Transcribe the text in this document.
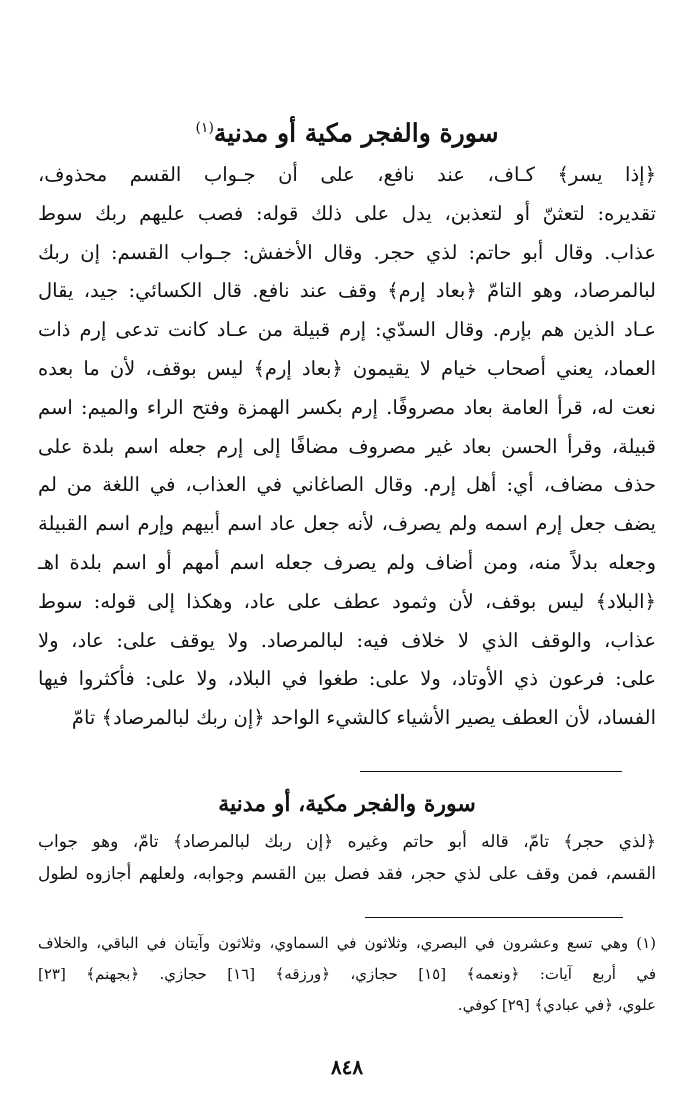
سورة والفجر مكية أو مدنية$^{(١)}$
﴿إذا يسر﴾ كـاف، عند نافع، على أن جـواب القسم محذوف،
تقديره: لتعثنّ أو لتعذبن، يدل على ذلك قوله: فصب عليهم ربك سوط
عذاب. وقال أبو حاتم: لذي حجر. وقال الأخفش: جـواب القسم: إن ربك
لبالمرصاد، وهو التامّ ﴿بعاد إرم﴾ وقف عند نافع. قال الكسائي: جيد، يقال
عـاد الذين هم بإرم. وقال السدّي: إرم قبيلة من عـاد كانت تدعى إرم ذات
العماد، يعني أصحاب خيام لا يقيمون ﴿بعاد إرم﴾ ليس بوقف، لأن ما بعده
نعت له، قرأ العامة بعاد مصروفًا. إرم بكسر الهمزة وفتح الراء والميم: اسم
قبيلة، وقرأ الحسن بعاد غير مصروف مضافًا إلى إرم جعله اسم بلدة على
حذف مضاف، أي: أهل إرم. وقال الصاغاني في العذاب، في اللغة من لم
يضف جعل إرم اسمه ولم يصرف، لأنه جعل عاد اسم أبيهم وإرم اسم القبيلة
وجعله بدلاً منه، ومن أضاف ولم يصرف جعله اسم أمهم أو اسم بلدة اهـ
﴿البلاد﴾ ليس بوقف، لأن وثمود عطف على عاد، وهكذا إلى قوله: سوط
عذاب، والوقف الذي لا خلاف فيه: لبالمرصاد. ولا يوقف على: عاد، ولا
على: فرعون ذي الأوتاد، ولا على: طغوا في البلاد، ولا على: فأكثروا فيها
الفساد، لأن العطف يصير الأشياء كالشيء الواحد ﴿إن ربك لبالمرصاد﴾ تامّ
سورة والفجر مكية، أو مدنية
﴿لذي حجر﴾ تامّ، قاله أبو حاتم وغيره ﴿إن ربك لبالمرصاد﴾ تامّ، وهو جواب
القسم، فمن وقف على لذي حجر، فقد فصل بين القسم وجوابه، ولعلهم أجازوه لطول
(١) وهي تسع وعشرون في البصري، وثلاثون في السماوي، وثلاثون وآيتان في الباقي، والخلاف
في أربع آيات: ﴿ونعمه﴾ [١٥] حجازي، ﴿ورزقه﴾ [١٦] حجازي. ﴿بجهنم﴾ [٢٣]
علوي، ﴿في عبادي﴾ [٢٩] كوفي.
٨٤٨
